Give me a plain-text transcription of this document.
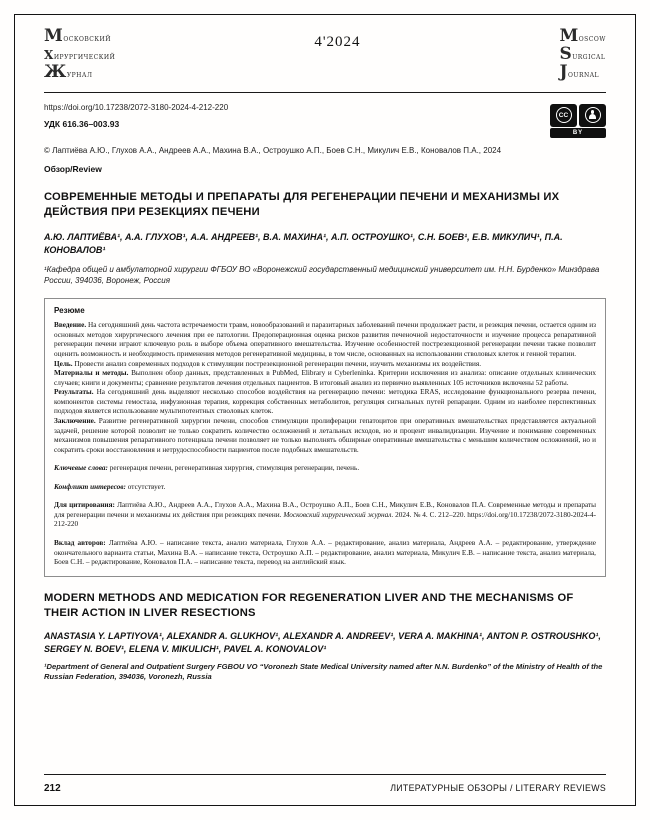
Московский
хирургический
Журнал
4'2024	Moscow
Surgical
Journal
https://doi.org/10.17238/2072-3180-2024-4-212-220
УДК 616.36–003.93
CC
BY
© Лаптиёва А.Ю., Глухов А.А., Андреев А.А., Махина В.А., Остроушко А.П., Боев С.Н., Микулич Е.В., Коновалов П.А., 2024
Обзор/Review
СОВРЕМЕННЫЕ МЕТОДЫ И ПРЕПАРАТЫ ДЛЯ РЕГЕНЕРАЦИИ ПЕЧЕНИ И МЕХАНИЗМЫ ИХ ДЕЙСТВИЯ ПРИ РЕЗЕКЦИЯХ ПЕЧЕНИ
А.Ю. ЛАПТИЁВА¹, А.А. ГЛУХОВ¹, А.А. АНДРЕЕВ¹, В.А. МАХИНА¹, А.П. ОСТРОУШКО¹, С.Н. БОЕВ¹, Е.В. МИКУЛИЧ¹, П.А. КОНОВАЛОВ¹
¹Кафедра общей и амбулаторной хирургии ФГБОУ ВО «Воронежский государственный медицинский университет им. Н.Н. Бурденко» Минздрава России, 394036, Воронеж, Россия
Резюме

Введение. На сегодняшний день частота встречаемости травм, новообразований и паразитарных заболеваний печени продолжает расти, и резекция печени, остается одним из основных методов хирургического лечения при ее патологии. Предоперационная оценка рисков развития печеночной недостаточности и изучение процесса репаративной регенерации печени играют ключевую роль в выборе объема оперативного вмешательства. Изучение особенностей пострезекционной регенерации печени также позволит оценить возможность и необходимость применения методов регенеративной медицины, в том числе, основанных на использовании стволовых клеток и генной терапии.

Цель. Провести анализ современных подходов к стимуляции пострезекционной регенерации печени, изучить механизмы их воздействия.

Материалы и методы. Выполнен обзор данных, представленных в PubMed, Elibrary и Cyberleninka. Критерии исключения из анализа: описание отдельных клинических случаев; книги и документы; сравнение результатов лечения отдельных пациентов. В итоговый анализ из первично выявленных 105 источников включены 52 работы.

Результаты. На сегодняшний день выделяют несколько способов воздействия на регенерацию печени: методика ERAS, исследование функционального резерва печени, компонентов системы гемостаза, инфузионная терапия, коррекция собственных метаболитов, регуляция сигнальных путей репарации. Одним из наиболее перспективных подходов является использование мультипотентных стволовых клеток.

Заключение. Развитие регенеративной хирургии печени, способов стимуляции пролиферации гепатоцитов при оперативных вмешательствах представляется актуальной задачей, решение которой позволит не только сократить количество осложнений и летальных исходов, но и процент инвалидизации. Изучение и понимание современных механизмов повышения репаративного потенциала печени позволяет не только выполнять обширные оперативные вмешательства с меньшим количеством осложнений, но и сократить сроки восстановления и нетрудоспособности пациентов после подобных вмешательств.

Ключевые слова: регенерация печени, регенеративная хирургия, стимуляция регенерации, печень.

Конфликт интересов: отсутствует.

Для цитирования: Лаптиёва А.Ю., Андреев А.А., Глухов А.А., Махина В.А., Остроушко А.П., Боев С.Н., Микулич Е.В., Коновалов П.А. Современные методы и препараты для регенерации печени и механизмы их действия при резекциях печени. Московский хирургический журнал. 2024. № 4. С. 212–220. https://doi.org/10.17238/2072-3180-2024-4-212-220

Вклад авторов: Лаптиёва А.Ю. – написание текста, анализ материала, Глухов А.А. – редактирование, анализ материала, Андреев А.А. – редактирование, утверждение окончательного варианта статьи, Махина В.А. – написание текста, Остроушко А.П. – редактирование, анализ материала, Микулич Е.В. – написание текста, анализ материала, Боев С.Н. – редактирование, Коновалов П.А. – написание текста, перевод на английский язык.

MODERN METHODS AND MEDICATION FOR REGENERATION LIVER AND THE MECHANISMS OF THEIR ACTION IN LIVER RESECTIONS
ANASTASIA Y. LAPTIYOVA¹, ALEXANDR A. GLUKHOV¹, ALEXANDR A. ANDREEV¹, VERA A. MAKHINA¹, ANTON P. OSTROUSHKO¹, SERGEY N. BOEV¹, ELENA V. MIKULICH¹, PAVEL A. KONOVALOV¹
¹Department of General and Outpatient Surgery FGBOU VO “Voronezh State Medical University named after N.N. Burdenko” of the Ministry of Health of the Russian Federation, 394036, Voronezh, Russia
212	ЛИТЕРАТУРНЫЕ ОБЗОРЫ / LITERARY REVIEWS
